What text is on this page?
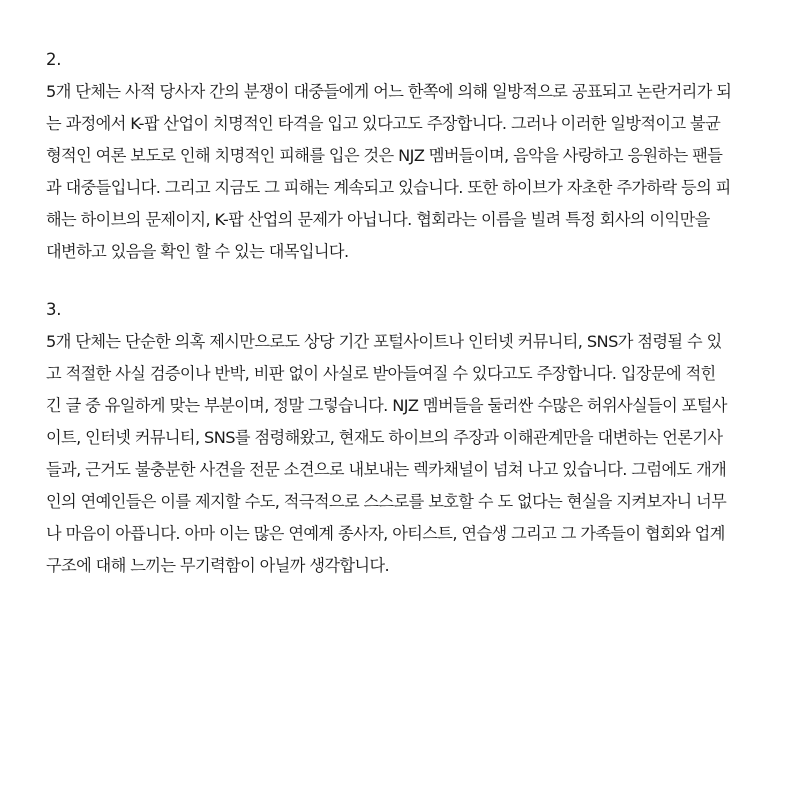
2.
5개 단체는 사적 당사자 간의 분쟁이 대중들에게 어느 한쪽에 의해 일방적으로 공표되고 논란거리가 되
는 과정에서 K-팝 산업이 치명적인 타격을 입고 있다고도 주장합니다. 그러나 이러한 일방적이고 불균
형적인 여론 보도로 인해 치명적인 피해를 입은 것은 NJZ 멤버들이며, 음악을 사랑하고 응원하는 팬들
과 대중들입니다. 그리고 지금도 그 피해는 계속되고 있습니다. 또한 하이브가 자초한 주가하락 등의 피
해는 하이브의 문제이지, K-팝 산업의 문제가 아닙니다. 협회라는 이름을 빌려 특정 회사의 이익만을
대변하고 있음을 확인 할 수 있는 대목입니다.
3.
5개 단체는 단순한 의혹 제시만으로도 상당 기간 포털사이트나 인터넷 커뮤니티, SNS가 점령될 수 있
고 적절한 사실 검증이나 반박, 비판 없이 사실로 받아들여질 수 있다고도 주장합니다. 입장문에 적힌
긴 글 중 유일하게 맞는 부분이며, 정말 그렇습니다. NJZ 멤버들을 둘러싼 수많은 허위사실들이 포털사
이트, 인터넷 커뮤니티, SNS를 점령해왔고, 현재도 하이브의 주장과 이해관계만을 대변하는 언론기사
들과, 근거도 불충분한 사견을 전문 소견으로 내보내는 렉카채널이 넘쳐 나고 있습니다. 그럼에도 개개
인의 연예인들은 이를 제지할 수도, 적극적으로 스스로를 보호할 수 도 없다는 현실을 지켜보자니 너무
나 마음이 아픕니다. 아마 이는 많은 연예계 종사자, 아티스트, 연습생 그리고 그 가족들이 협회와 업계
구조에 대해 느끼는 무기력함이 아닐까 생각합니다.
